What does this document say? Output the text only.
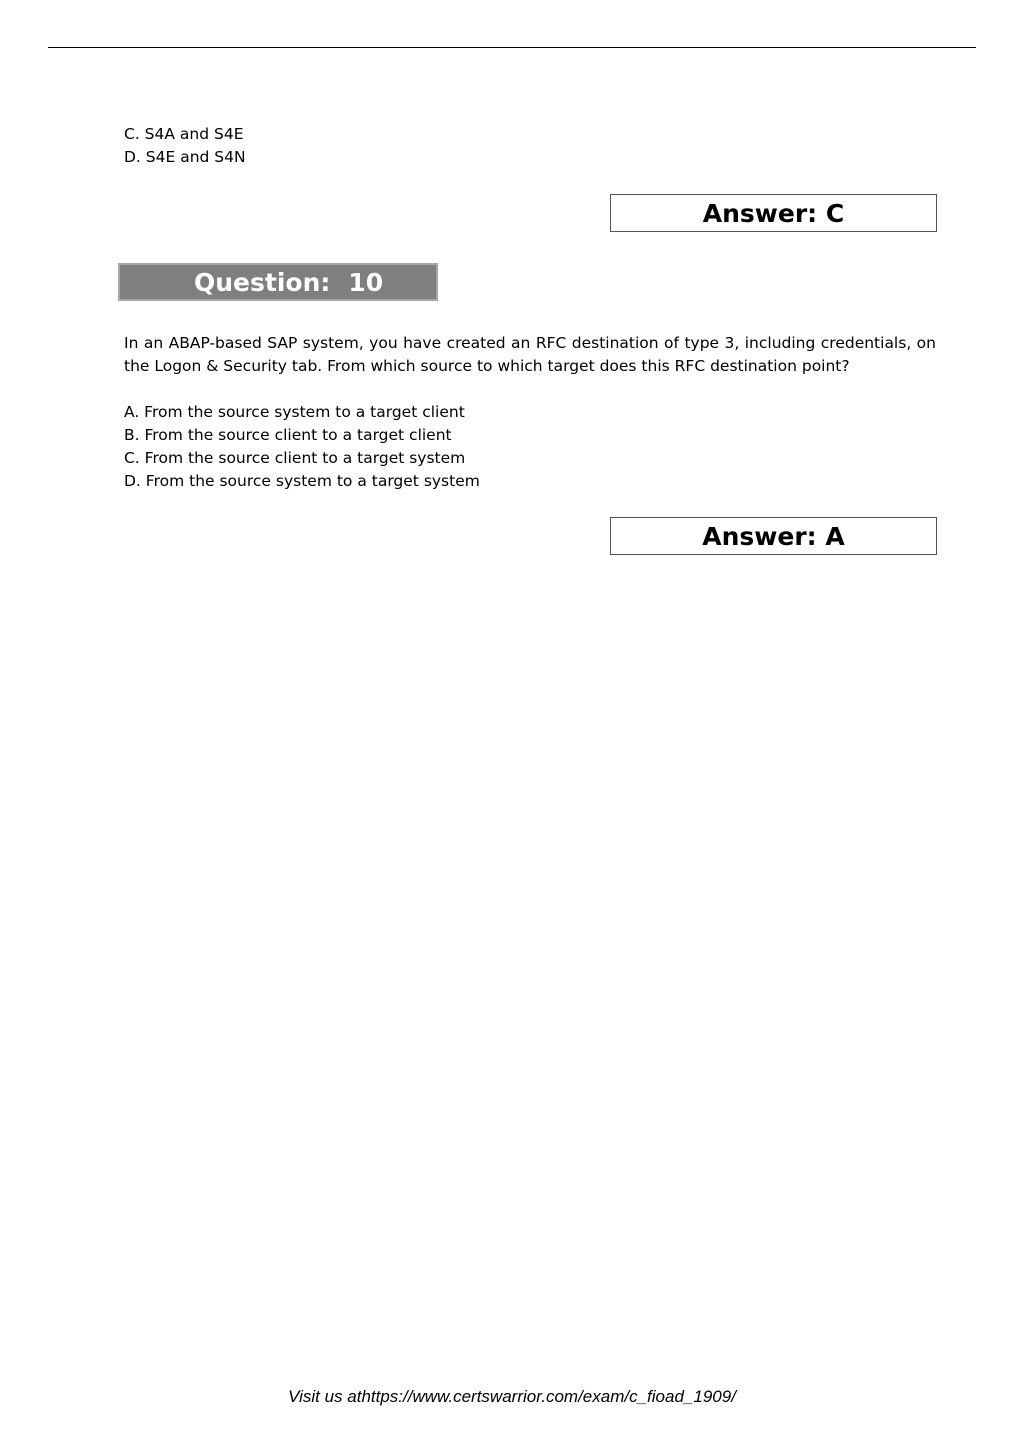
C. S4A and S4E
D. S4E and S4N
Answer: C
Question: 10

In an ABAP-based SAP system, you have created an RFC destination of type 3, including credentials, on the Logon & Security tab. From which source to which target does this RFC destination point?

A. From the source system to a target client
B. From the source client to a target client
C. From the source client to a target system
D. From the source system to a target system
Answer: A
Visit us athttps://www.certswarrior.com/exam/c_fioad_1909/
